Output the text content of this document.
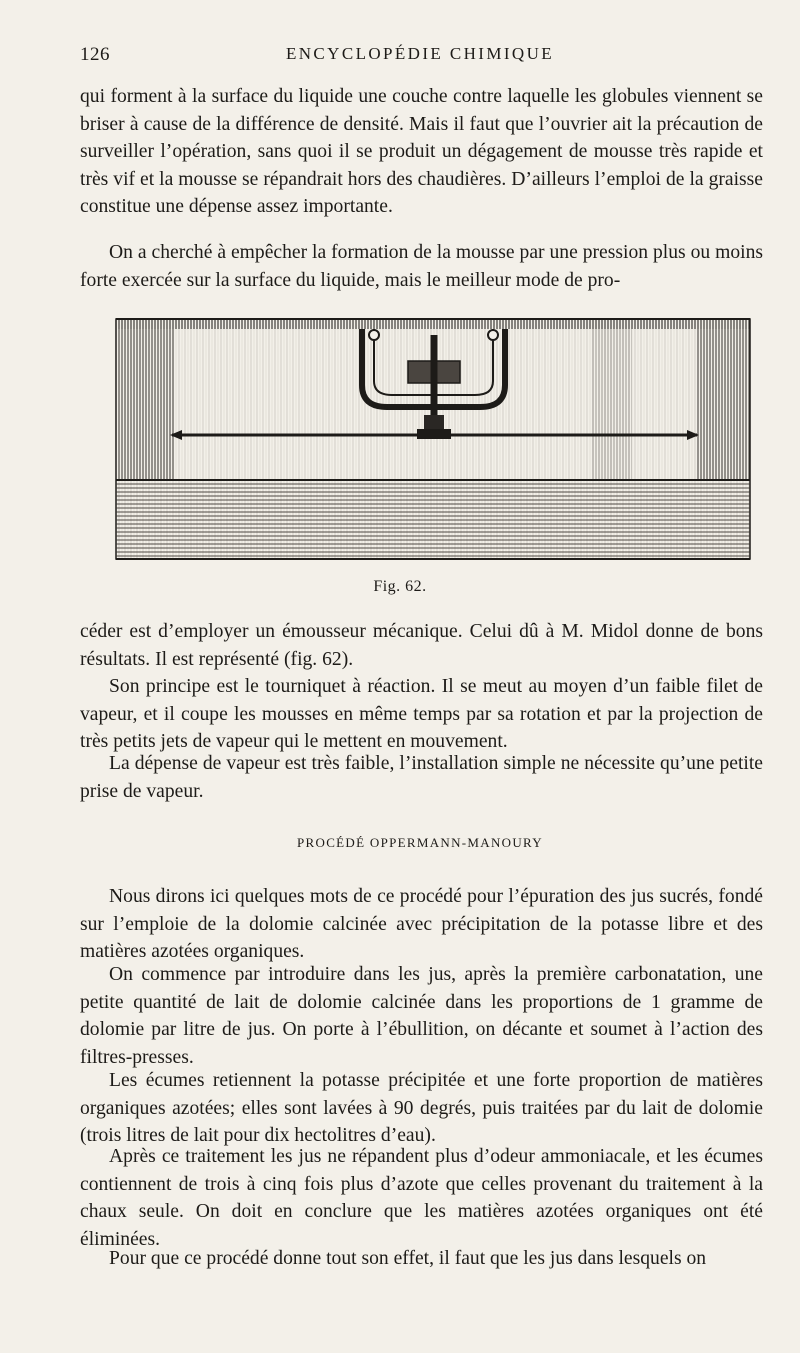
126	ENCYCLOPÉDIE CHIMIQUE

qui forment à la surface du liquide une couche contre laquelle les globules viennent se briser à cause de la différence de densité. Mais il faut que l’ouvrier ait la précaution de surveiller l’opération, sans quoi il se produit un dégagement de mousse très rapide et très vif et la mousse se répandrait hors des chaudières. D’ailleurs l’emploi de la graisse constitue une dépense assez importante.

On a cherché à empêcher la formation de la mousse par une pression plus ou moins forte exercée sur la surface du liquide, mais le meilleur mode de pro-

Fig. 62.

céder est d’employer un émousseur mécanique. Celui dû à M. Midol donne de bons résultats. Il est représenté (fig. 62).

Son principe est le tourniquet à réaction. Il se meut au moyen d’un faible filet de vapeur, et il coupe les mousses en même temps par sa rotation et par la projection de très petits jets de vapeur qui le mettent en mouvement.

La dépense de vapeur est très faible, l’installation simple ne nécessite qu’une petite prise de vapeur.

PROCÉDÉ OPPERMANN-MANOURY

Nous dirons ici quelques mots de ce procédé pour l’épuration des jus sucrés, fondé sur l’emploie de la dolomie calcinée avec précipitation de la potasse libre et des matières azotées organiques.

On commence par introduire dans les jus, après la première carbonatation, une petite quantité de lait de dolomie calcinée dans les proportions de 1 gramme de dolomie par litre de jus. On porte à l’ébullition, on décante et soumet à l’action des filtres-presses.

Les écumes retiennent la potasse précipitée et une forte proportion de matières organiques azotées; elles sont lavées à 90 degrés, puis traitées par du lait de dolomie (trois litres de lait pour dix hectolitres d’eau).

Après ce traitement les jus ne répandent plus d’odeur ammoniacale, et les écumes contiennent de trois à cinq fois plus d’azote que celles provenant du traitement à la chaux seule. On doit en conclure que les matières azotées organiques ont été éliminées.

Pour que ce procédé donne tout son effet, il faut que les jus dans lesquels on
